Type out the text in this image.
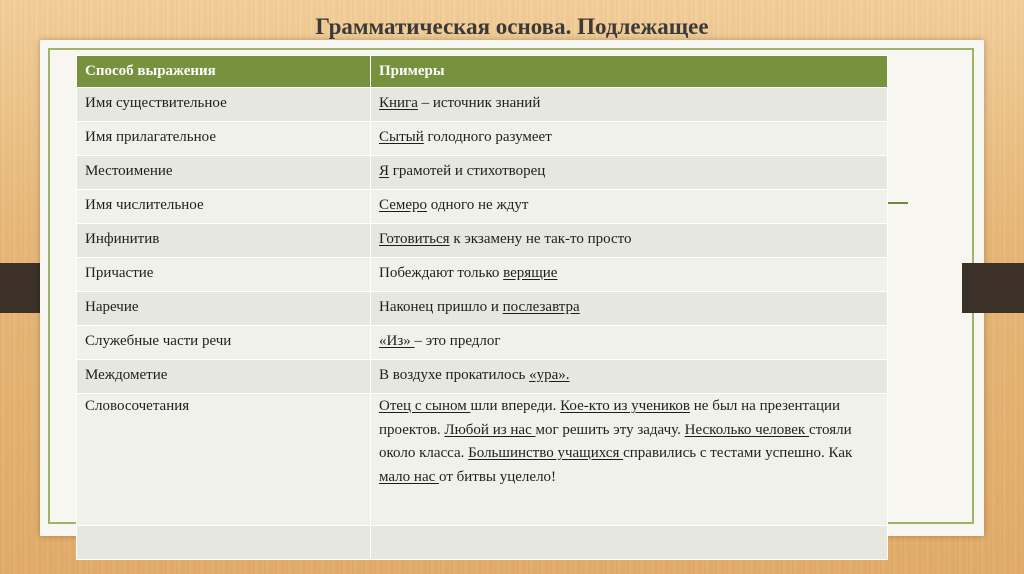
Грамматическая основа. Подлежащее
Способ выражения	Примеры
Имя существительное	Книга – источник знаний
Имя прилагательное	Сытый голодного разумеет
Местоимение	Я грамотей и стихотворец
Имя числительное	Семеро одного не ждут
Инфинитив	Готовиться к экзамену не так-то просто
Причастие	Побеждают только верящие
Наречие	Наконец пришло и послезавтра
Служебные части речи	«Из» – это предлог
Междометие	В воздухе прокатилось «ура».
Словосочетания	Отец с сыном шли впереди. Кое-кто из учеников не был на презентации проектов. Любой из нас мог решить эту задачу. Несколько человек стояли около класса. Большинство учащихся справились с тестами успешно. Как мало нас от битвы уцелело!
